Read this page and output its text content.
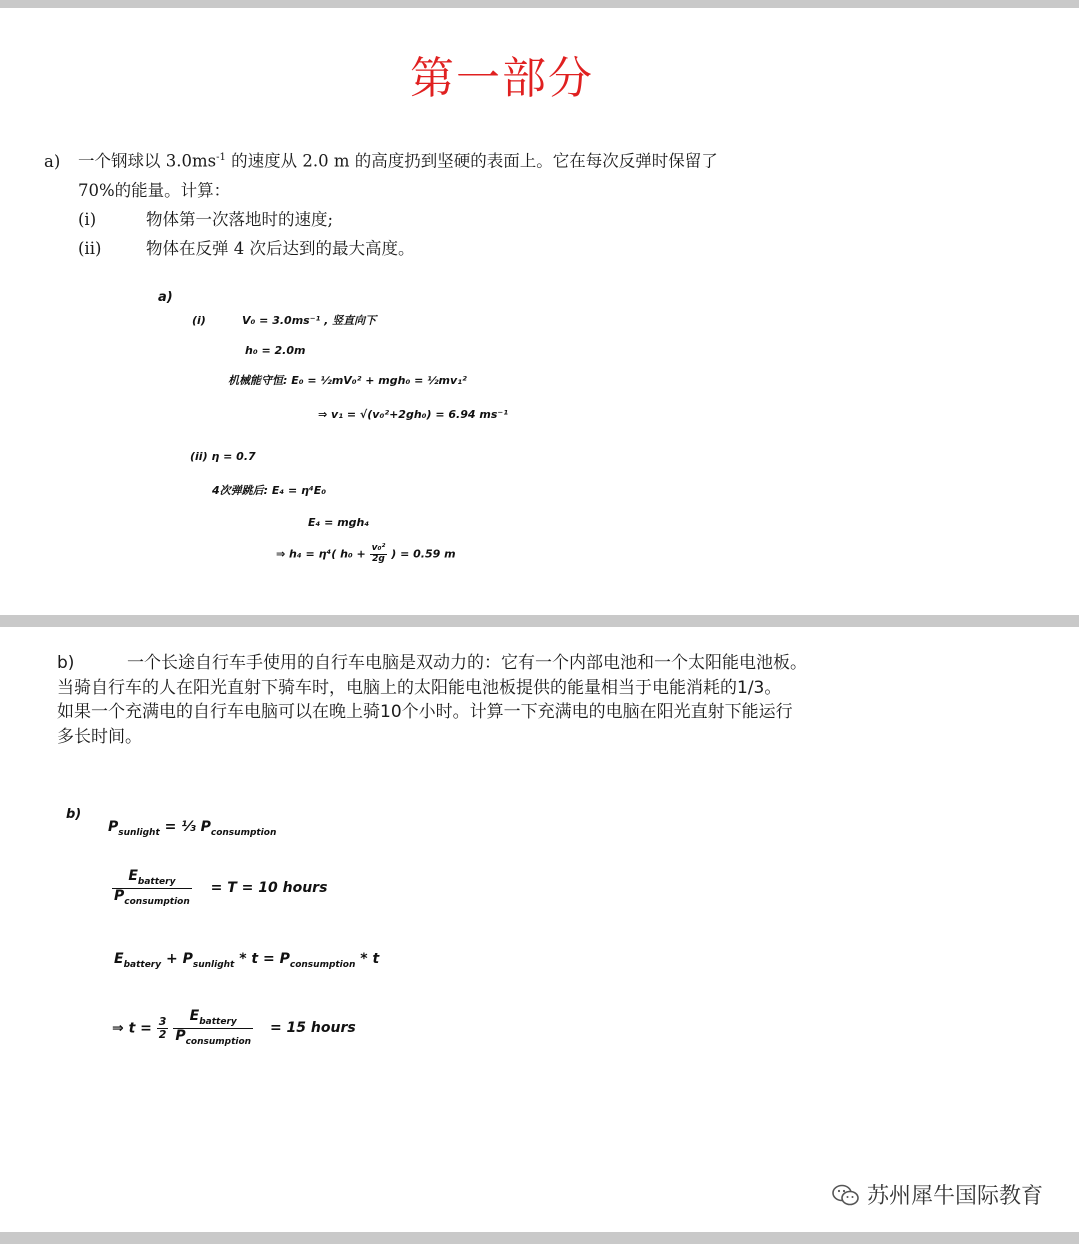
第一部分
a) 一个钢球以 $3.0ms^{-1}$ 的速度从 2.0 m 的高度扔到坚硬的表面上。它在每次反弹时保留了
70%的能量。计算：
(i)	物体第一次落地时的速度;
(ii)	物体在反弹 4 次后达到的最大高度。
a)
(i)	V₀ = 3.0ms⁻¹ , 竖直向下
h₀ = 2.0m
机械能守恒: E₀ = ½mV₀² + mgh₀ = ½mv₁²
⇒ v₁ = √(v₀²+2gh₀) = 6.94 ms⁻¹
(ii) η = 0.7
4次弹跳后: E₄ = η⁴E₀
E₄ = mgh₄
⇒ h₄ = η⁴( $h_0 + \frac{\text{v₀²}}{2g}$ ) = 0.59 m
b)	一个长途自行车手使用的自行车电脑是双动力的：它有一个内部电池和一个太阳能电池板。
当骑自行车的人在阳光直射下骑车时，电脑上的太阳能电池板提供的能量相当于电能消耗的1/3。
如果一个充满电的自行车电脑可以在晚上骑10个小时。计算一下充满电的电脑在阳光直射下能运行
多长时间。
b)
$P_{sunlight}$ = ⅓ $P_{consumption}$
$\frac{E_{battery}}{P_{consumption}} = T = 10$ hours
$E_{battery} + P_{sunlight} * t = P_{consumption} * t$
⇒ $t = \frac{3}{2}$
$\frac{E_{battery}}{P_{consumption}} = 15$ hours
苏州犀牛国际教育
